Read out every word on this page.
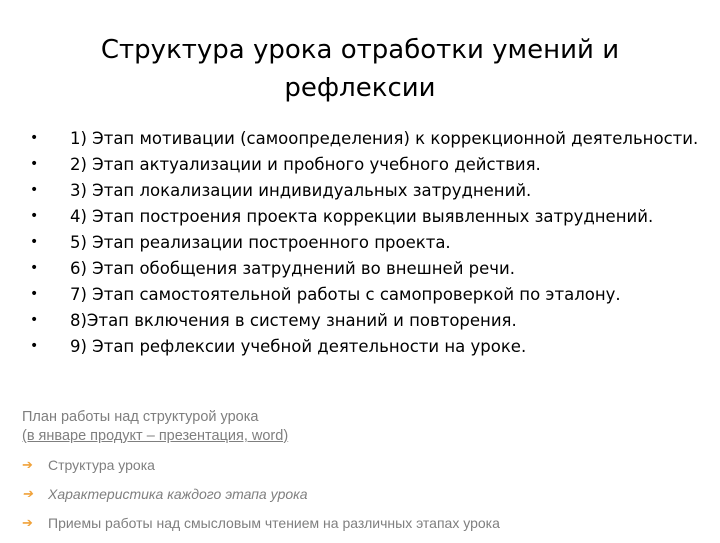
Структура урока отработки умений и рефлексии
• 1) Этап мотивации (самоопределения) к коррекционной деятельности.
• 2) Этап актуализации и пробного учебного действия.
• 3) Этап локализации индивидуальных затруднений.
• 4) Этап построения проекта коррекции выявленных затруднений.
• 5) Этап реализации построенного проекта.
• 6) Этап обобщения затруднений во внешней речи.
• 7) Этап самостоятельной работы с самопроверкой по эталону.
• 8)Этап включения в систему знаний и повторения.
• 9) Этап рефлексии учебной деятельности на уроке.

План работы над структурой урока

(в январе продукт – презентация, word)

➔ Структура урока
➔ Характеристика каждого этапа урока
➔ Приемы работы над смысловым чтением на различных этапах урока
